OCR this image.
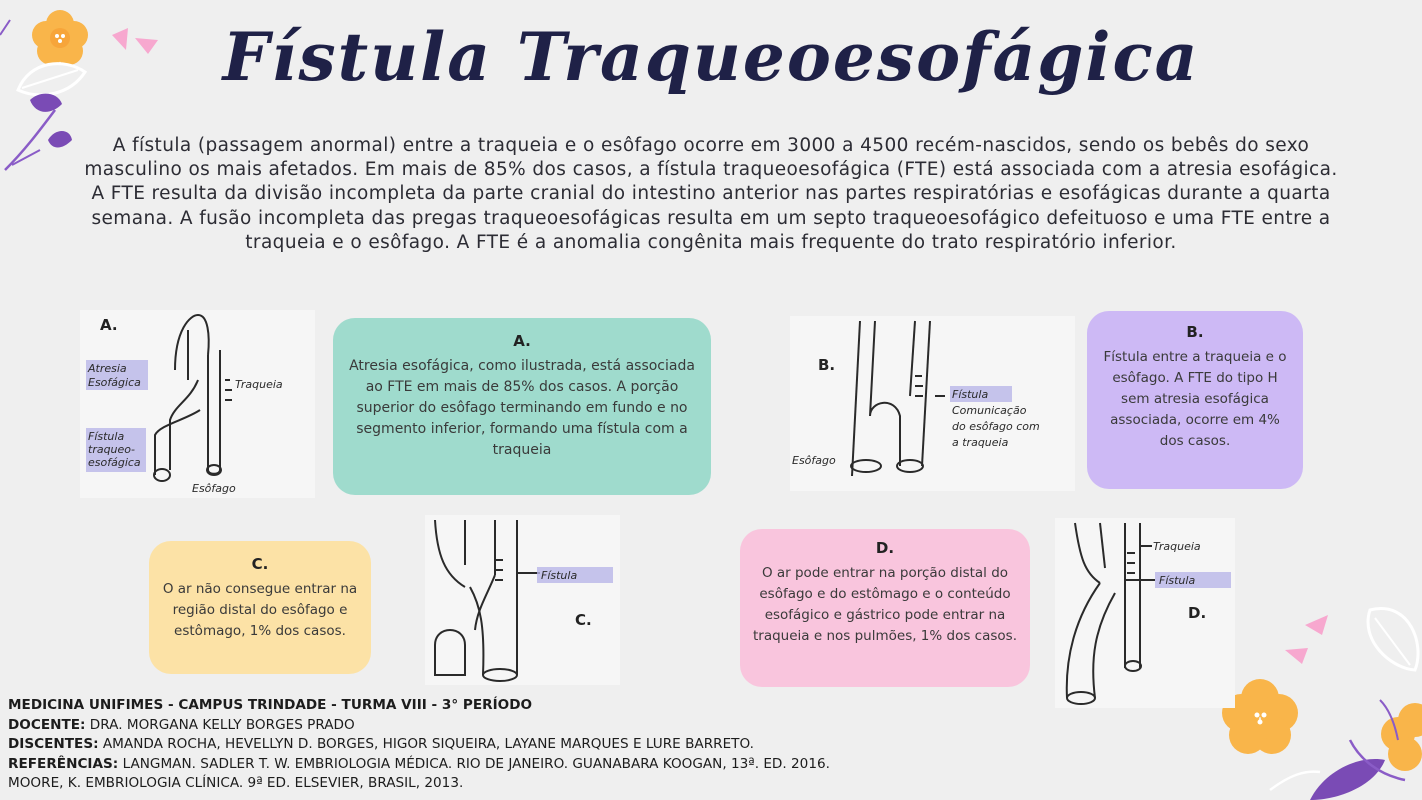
Fístula Traqueoesofágica

A fístula (passagem anormal) entre a traqueia e o esôfago ocorre em 3000 a 4500 recém-nascidos, sendo os bebês do sexo masculino os mais afetados. Em mais de 85% dos casos, a fístula traqueoesofágica (FTE) está associada com a atresia esofágica.

A FTE resulta da divisão incompleta da parte cranial do intestino anterior nas partes respiratórias e esofágicas durante a quarta semana. A fusão incompleta das pregas traqueoesofágicas resulta em um septo traqueoesofágico defeituoso e uma FTE entre a traqueia e o esôfago. A FTE é a anomalia congênita mais frequente do trato respiratório inferior.

A.
Atresia
Esofágica	Traqueia
Fístula
traqueo-
esofágica
Esôfago
A.
Atresia esofágica, como ilustrada, está associada ao FTE em mais de 85% dos casos. A porção superior do esôfago terminando em fundo e no segmento inferior, formando uma fístula com a traqueia
B.
Fístula
Comunicação
do esôfago com
a traqueia
Esôfago
B.
Fístula entre a traqueia e o esôfago. A FTE do tipo H sem atresia esofágica associada, ocorre em 4% dos casos.
C.
O ar não consegue entrar na região distal do esôfago e estômago, 1% dos casos.
C.
Fístula
D.
O ar pode entrar na porção distal do esôfago e do estômago e o conteúdo esofágico e gástrico pode entrar na traqueia e nos pulmões, 1% dos casos.
D.
Traqueia
Fístula
MEDICINA UNIFIMES - CAMPUS TRINDADE - TURMA VIII - 3° PERÍODO
DOCENTE: DRA. MORGANA KELLY BORGES PRADO
DISCENTES: AMANDA ROCHA, HEVELLYN D. BORGES, HIGOR SIQUEIRA, LAYANE MARQUES E LURE BARRETO.
REFERÊNCIAS: LANGMAN. SADLER T. W. EMBRIOLOGIA MÉDICA. RIO DE JANEIRO. GUANABARA KOOGAN, 13ª. ED. 2016.
MOORE, K. EMBRIOLOGIA CLÍNICA. 9ª ED. ELSEVIER, BRASIL, 2013.
